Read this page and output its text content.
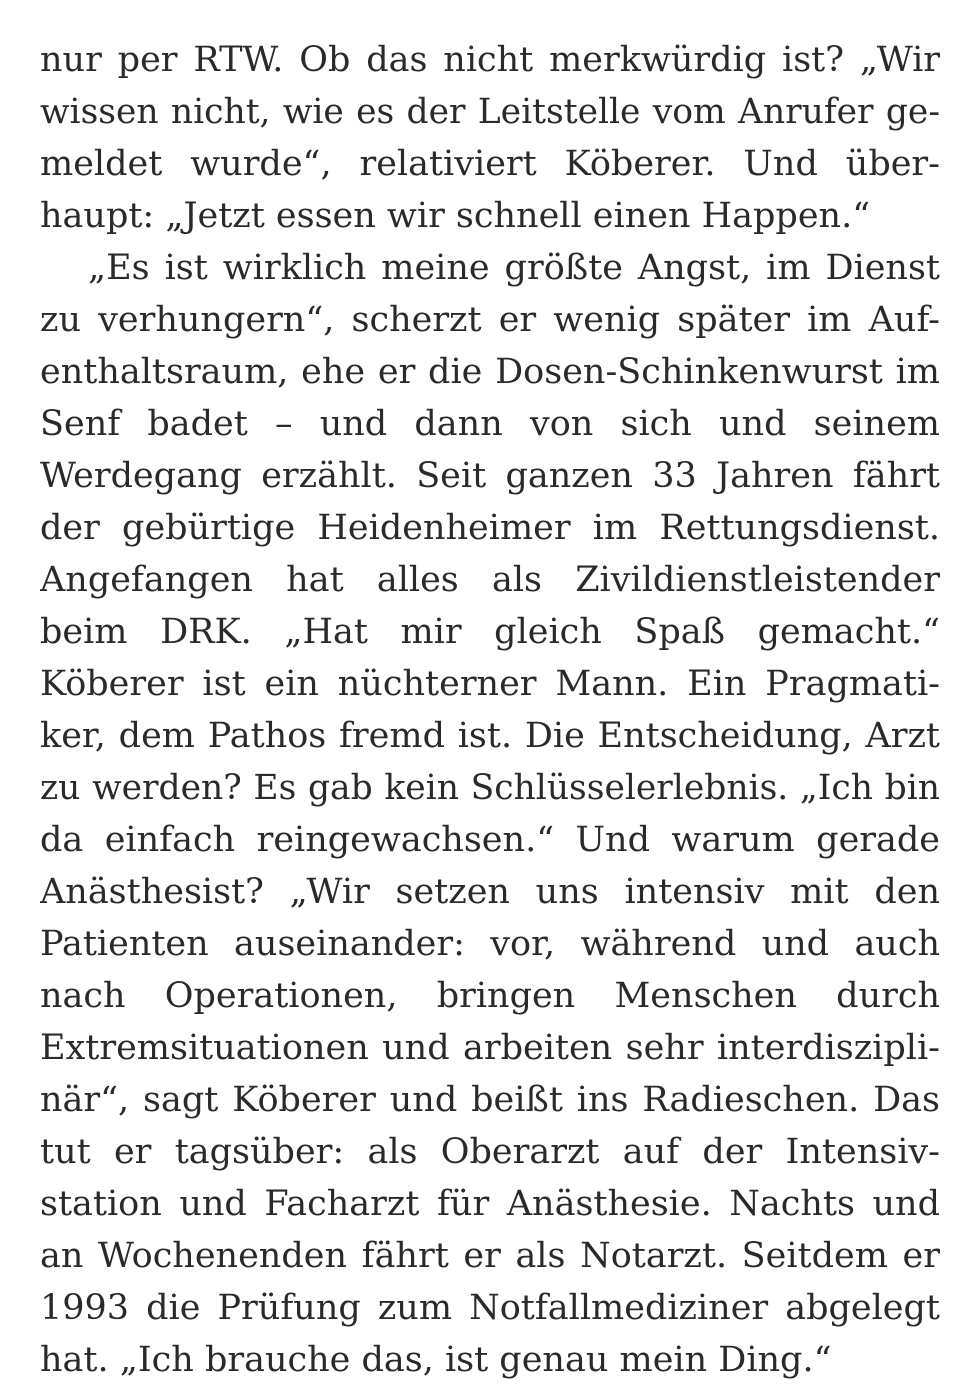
nur per RTW. Ob das nicht merkwürdig ist? „Wir
wissen nicht, wie es der Leitstelle vom Anrufer ge-
meldet wurde“, relativiert Köberer. Und über-
haupt: „Jetzt essen wir schnell einen Happen.“
„Es ist wirklich meine größte Angst, im Dienst
zu verhungern“, scherzt er wenig später im Auf-
enthaltsraum, ehe er die Dosen-Schinkenwurst im
Senf badet – und dann von sich und seinem
Werdegang erzählt. Seit ganzen 33 Jahren fährt
der gebürtige Heidenheimer im Rettungsdienst.
Angefangen hat alles als Zivildienstleistender
beim DRK. „Hat mir gleich Spaß gemacht.“
Köberer ist ein nüchterner Mann. Ein Pragmati-
ker, dem Pathos fremd ist. Die Entscheidung, Arzt
zu werden? Es gab kein Schlüsselerlebnis. „Ich bin
da einfach reingewachsen.“ Und warum gerade
Anästhesist? „Wir setzen uns intensiv mit den
Patienten auseinander: vor, während und auch
nach Operationen, bringen Menschen durch
Extremsituationen und arbeiten sehr interdiszipli-
när“, sagt Köberer und beißt ins Radieschen. Das
tut er tagsüber: als Oberarzt auf der Intensiv-
station und Facharzt für Anästhesie. Nachts und
an Wochenenden fährt er als Notarzt. Seitdem er
1993 die Prüfung zum Notfallmediziner abgelegt
hat. „Ich brauche das, ist genau mein Ding.“
